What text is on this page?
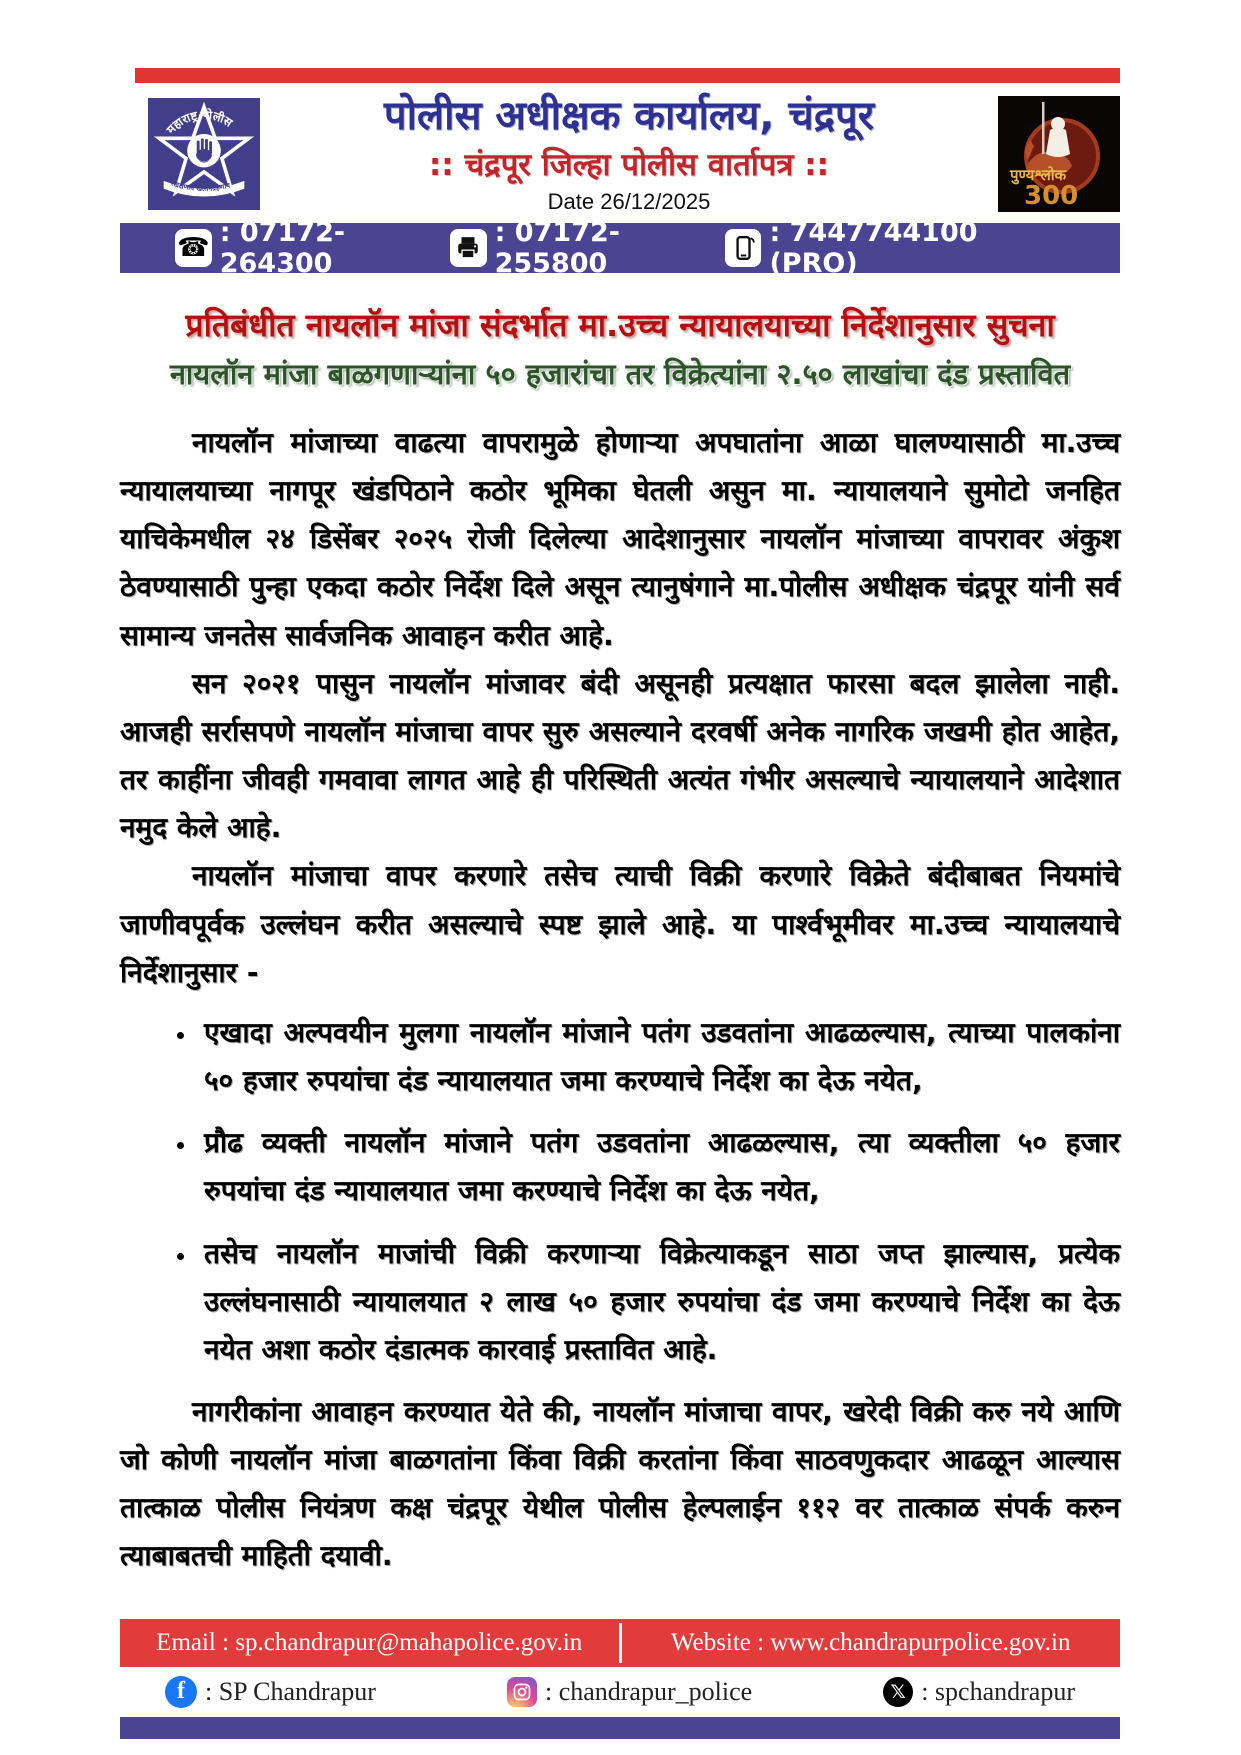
महाराष्ट्र पोलीस
सद्रक्षणाय खलनिग्रहणाय
पोलीस अधीक्षक कार्यालय, चंद्रपूर
:: चंद्रपूर जिल्हा पोलीस वार्तापत्र ::
Date 26/12/2025
पुण्यश्लोक
300
☎ : 07172-264300
: 07172-255800
: 7447744100 (PRO)
प्रतिबंधीत नायलॉन मांजा संदर्भात मा.उच्च न्यायालयाच्या निर्देशानुसार सुचना
नायलॉन मांजा बाळगणाऱ्यांना ५० हजारांचा तर विक्रेत्यांना २.५० लाखांचा दंड प्रस्तावित

नायलॉन मांजाच्या वाढत्या वापरामुळे होणाऱ्या अपघातांना आळा घालण्यासाठी मा.उच्च न्यायालयाच्या नागपूर खंडपिठाने कठोर भूमिका घेतली असुन मा. न्यायालयाने सुमोटो जनहित याचिकेमधील २४ डिसेंबर २०२५ रोजी दिलेल्या आदेशानुसार नायलॉन मांजाच्या वापरावर अंकुश ठेवण्यासाठी पुन्हा एकदा कठोर निर्देश दिले असून त्यानुषंगाने मा.पोलीस अधीक्षक चंद्रपूर यांनी सर्व सामान्य जनतेस सार्वजनिक आवाहन करीत आहे.

सन २०२१ पासुन नायलॉन मांजावर बंदी असूनही प्रत्यक्षात फारसा बदल झालेला नाही. आजही सर्रासपणे नायलॉन मांजाचा वापर सुरु असल्याने दरवर्षी अनेक नागरिक जखमी होत आहेत, तर काहींना जीवही गमवावा लागत आहे ही परिस्थिती अत्यंत गंभीर असल्याचे न्यायालयाने आदेशात नमुद केले आहे.

नायलॉन मांजाचा वापर करणारे तसेच त्याची विक्री करणारे विक्रेते बंदीबाबत नियमांचे जाणीवपूर्वक उल्लंघन करीत असल्याचे स्पष्ट झाले आहे. या पार्श्वभूमीवर मा.उच्च न्यायालयाचे निर्देशानुसार -

• एखादा अल्पवयीन मुलगा नायलॉन मांजाने पतंग उडवतांना आढळल्यास, त्याच्या पालकांना ५० हजार रुपयांचा दंड न्यायालयात जमा करण्याचे निर्देश का देऊ नयेत,
• प्रौढ व्यक्ती नायलॉन मांजाने पतंग उडवतांना आढळल्यास, त्या व्यक्तीला ५० हजार रुपयांचा दंड न्यायालयात जमा करण्याचे निर्देश का देऊ नयेत,
• तसेच नायलॉन माजांची विक्री करणाऱ्या विक्रेत्याकडून साठा जप्त झाल्यास, प्रत्येक उल्लंघनासाठी न्यायालयात २ लाख ५० हजार रुपयांचा दंड जमा करण्याचे निर्देश का देऊ नयेत अशा कठोर दंडात्मक कारवाई प्रस्तावित आहे.

नागरीकांना आवाहन करण्यात येते की, नायलॉन मांजाचा वापर, खरेदी विक्री करु नये आणि जो कोणी नायलॉन मांजा बाळगतांना किंवा विक्री करतांना किंवा साठवणुकदार आढळून आल्यास तात्काळ पोलीस नियंत्रण कक्ष चंद्रपूर येथील पोलीस हेल्पलाईन ११२ वर तात्काळ संपर्क करुन त्याबाबतची माहिती दयावी.

Email : sp.chandrapur@mahapolice.gov.in	Website : www.chandrapurpolice.gov.in
f : SP Chandrapur	: chandrapur_police	𝕏 : spchandrapur
